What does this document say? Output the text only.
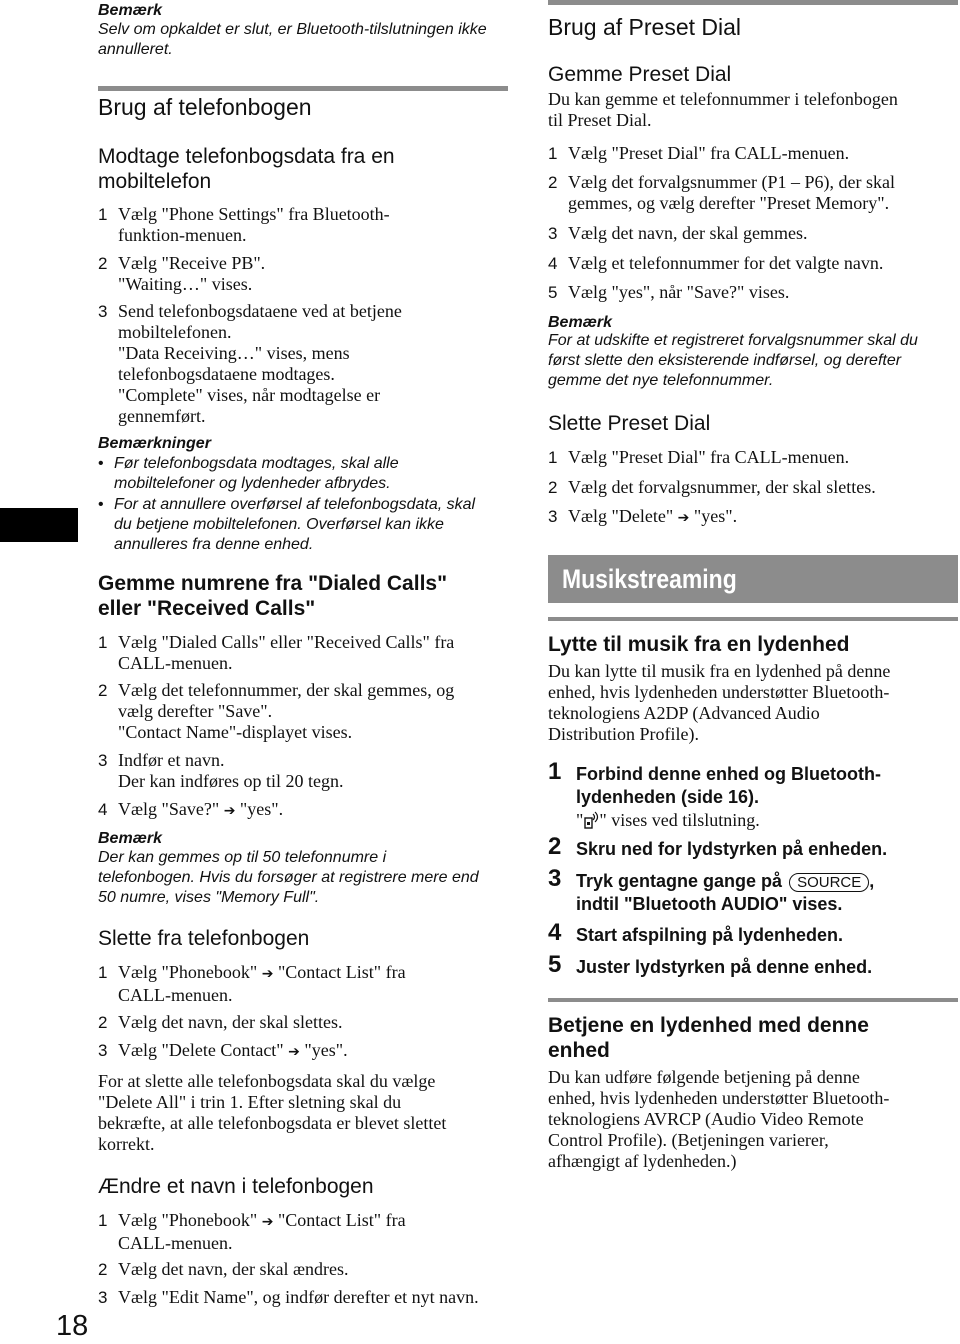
18
Bemærk
Selv om opkaldet er slut, er Bluetooth-tilslutningen ikke annulleret.
Brug af telefonbogen
Modtage telefonbogsdata fra en mobiltelefon
1 Vælg "Phone Settings" fra Bluetooth-
funktion-menuen.
2 Vælg "Receive PB".
"Waiting…" vises.
3 Send telefonbogsdataene ved at betjene
mobiltelefonen.
"Data Receiving…" vises, mens
telefonbogsdataene modtages.
"Complete" vises, når modtagelse er
gennemført.
Bemærkninger
• Før telefonbogsdata modtages, skal alle
mobiltelefoner og lydenheder afbrydes.
• For at annullere overførsel af telefonbogsdata, skal
du betjene mobiltelefonen. Overførsel kan ikke
annulleres fra denne enhed.
Gemme numrene fra "Dialed Calls"
eller "Received Calls"
1 Vælg "Dialed Calls" eller "Received Calls" fra
CALL-menuen.
2 Vælg det telefonnummer, der skal gemmes, og
vælg derefter "Save".
"Contact Name"-displayet vises.
3 Indfør et navn.
Der kan indføres op til 20 tegn.
4 Vælg "Save?" ➔ "yes".
Bemærk
Der kan gemmes op til 50 telefonnumre i
telefonbogen. Hvis du forsøger at registrere mere end
50 numre, vises "Memory Full".
Slette fra telefonbogen
1 Vælg "Phonebook" ➔ "Contact List" fra
CALL-menuen.
2 Vælg det navn, der skal slettes.
3 Vælg "Delete Contact" ➔ "yes".
For at slette alle telefonbogsdata skal du vælge
"Delete All" i trin 1. Efter sletning skal du
bekræfte, at alle telefonbogsdata er blevet slettet
korrekt.
Ændre et navn i telefonbogen
1 Vælg "Phonebook" ➔ "Contact List" fra
CALL-menuen.
2 Vælg det navn, der skal ændres.
3 Vælg "Edit Name", og indfør derefter et nyt navn.
Brug af Preset Dial
Gemme Preset Dial
Du kan gemme et telefonnummer i telefonbogen
til Preset Dial.
1 Vælg "Preset Dial" fra CALL-menuen.
2 Vælg det forvalgsnummer (P1 – P6), der skal
gemmes, og vælg derefter "Preset Memory".
3 Vælg det navn, der skal gemmes.
4 Vælg et telefonnummer for det valgte navn.
5 Vælg "yes", når "Save?" vises.
Bemærk
For at udskifte et registreret forvalgsnummer skal du
først slette den eksisterende indførsel, og derefter
gemme det nye telefonnummer.
Slette Preset Dial
1 Vælg "Preset Dial" fra CALL-menuen.
2 Vælg det forvalgsnummer, der skal slettes.
3 Vælg "Delete" ➔ "yes".
Musikstreaming
Lytte til musik fra en lydenhed
Du kan lytte til musik fra en lydenhed på denne
enhed, hvis lydenheden understøtter Bluetooth-
teknologiens A2DP (Advanced Audio
Distribution Profile).
1 Forbind denne enhed og Bluetooth-
lydenheden (side 16).
" " vises ved tilslutning.
2 Skru ned for lydstyrken på enheden.
3 Tryk gentagne gange på SOURCE ,
indtil "Bluetooth AUDIO" vises.
4 Start afspilning på lydenheden.
5 Juster lydstyrken på denne enhed.
Betjene en lydenhed med denne
enhed
Du kan udføre følgende betjening på denne
enhed, hvis lydenheden understøtter Bluetooth-
teknologiens AVRCP (Audio Video Remote
Control Profile). (Betjeningen varierer,
afhængigt af lydenheden.)
